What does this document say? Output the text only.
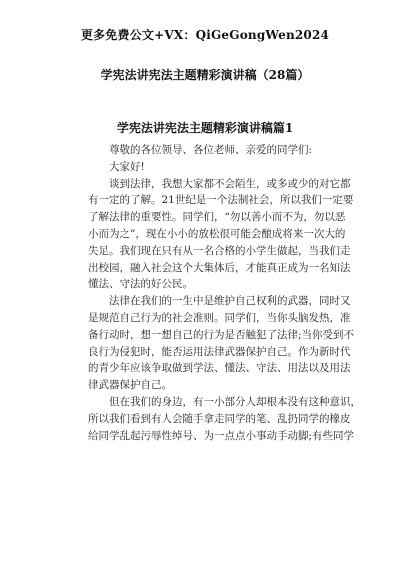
更多免费公文+VX：QiGeGongWen2024
学宪法讲宪法主题精彩演讲稿（28篇）
学宪法讲宪法主题精彩演讲稿篇1
尊敬的各位领导、各位老师、亲爱的同学们:
大家好!
谈到法律，我想大家都不会陌生，或多或少的对它都
有一定的了解。21世纪是一个法制社会，所以我们一定要
了解法律的重要性。同学们，“勿以善小而不为，勿以恶
小而为之”，现在小小的放松很可能会酿成将来一次大的
失足。我们现在只有从一名合格的小学生做起，当我们走
出校园，融入社会这个大集体后，才能真正成为一名知法
懂法、守法的好公民。
法律在我们的一生中是维护自己权利的武器，同时又
是规范自己行为的社会准则。同学们，当你头脑发热，准
备行动时，想一想自己的行为是否触犯了法律;当你受到不
良行为侵犯时，能否运用法律武器保护自己。作为新时代
的青少年应该争取做到学法、懂法、守法、用法以及用法
律武器保护自己。
但在我们的身边，有一小部分人却根本没有这种意识，
所以我们看到有人会随手拿走同学的笔、乱扔同学的橡皮
给同学乱起污辱性绰号、为一点点小事动手动脚;有些同学
